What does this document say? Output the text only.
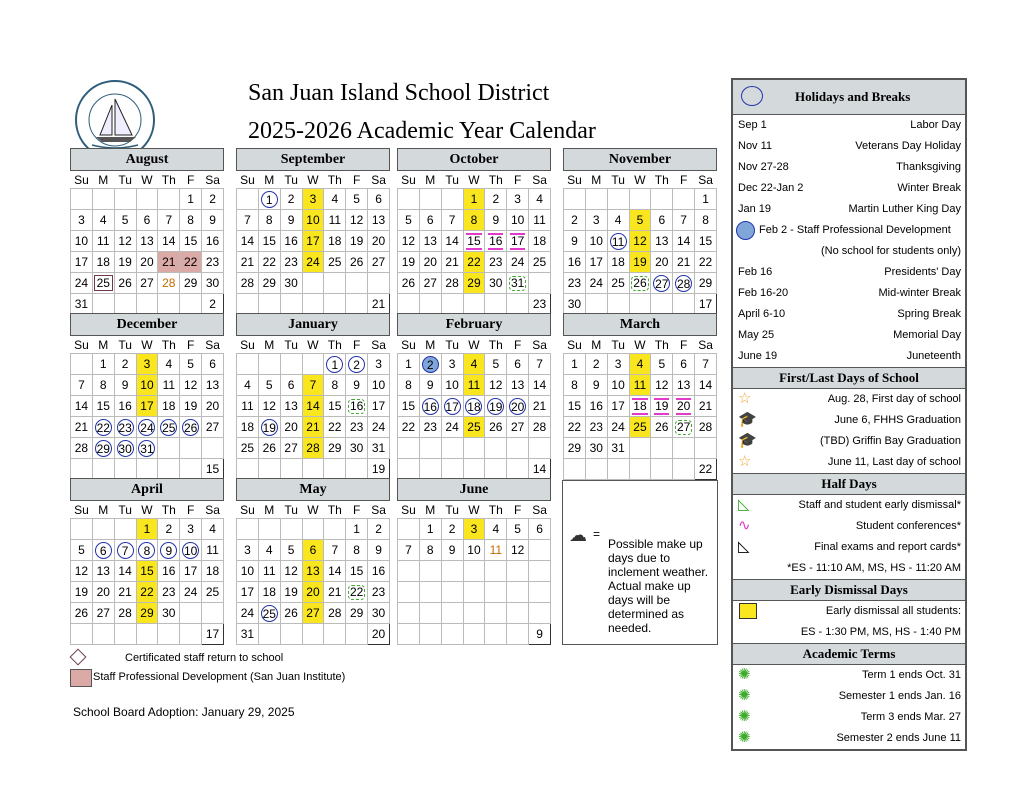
San Juan Island School District
2025-2026 Academic Year Calendar
August
Su	M	Tu	W	Th	F	Sa
					1	2
3	4	5	6	7	8	9
10	11	12	13	14	15	16
17	18	19	20	21	22	23
24	25	26	27	28	29	30
31						2
September
Su	M	Tu	W	Th	F	Sa
	1	2	3	4	5	6
7	8	9	10	11	12	13
14	15	16	17	18	19	20
21	22	23	24	25	26	27
28	29	30				
						21
October
Su	M	Tu	W	Th	F	Sa
			1	2	3	4
5	6	7	8	9	10	11
12	13	14	15	16	17	18
19	20	21	22	23	24	25
26	27	28	29	30	31	
						23
November
Su	M	Tu	W	Th	F	Sa
						1
2	3	4	5	6	7	8
9	10	11	12	13	14	15
16	17	18	19	20	21	22
23	24	25	26	27	28	29
30						17
December
Su	M	Tu	W	Th	F	Sa
	1	2	3	4	5	6
7	8	9	10	11	12	13
14	15	16	17	18	19	20
21	22	23	24	25	26	27
28	29	30	31			
						15
January
Su	M	Tu	W	Th	F	Sa
				1	2	3
4	5	6	7	8	9	10
11	12	13	14	15	16	17
18	19	20	21	22	23	24
25	26	27	28	29	30	31
						19
February
Su	M	Tu	W	Th	F	Sa
1	2	3	4	5	6	7
8	9	10	11	12	13	14
15	16	17	18	19	20	21
22	23	24	25	26	27	28

						14
March
Su	M	Tu	W	Th	F	Sa
1	2	3	4	5	6	7
8	9	10	11	12	13	14
15	16	17	18	19	20	21
22	23	24	25	26	27	28
29	30	31				
						22
April
Su	M	Tu	W	Th	F	Sa
			1	2	3	4
5	6	7	8	9	10	11
12	13	14	15	16	17	18
19	20	21	22	23	24	25
26	27	28	29	30		
						17
May
Su	M	Tu	W	Th	F	Sa
					1	2
3	4	5	6	7	8	9
10	11	12	13	14	15	16
17	18	19	20	21	22	23
24	25	26	27	28	29	30
31						20
June
Su	M	Tu	W	Th	F	Sa
	1	2	3	4	5	6
7	8	9	10	11	12	

						9
☁ =
Possible make up days due to inclement weather. Actual make up days will be determined as needed.
Certificated staff return to school
Staff Professional Development (San Juan Institute)
School Board Adoption: January 29, 2025
Holidays and Breaks
Sep 1	Labor Day
Nov 11	Veterans Day Holiday
Nov 27-28	Thanksgiving
Dec 22-Jan 2	Winter Break
Jan 19	Martin Luther King Day
Feb 2 - Staff Professional Development
(No school for students only)
Feb 16	Presidents' Day
Feb 16-20	Mid-winter Break
April 6-10	Spring Break
May 25	Memorial Day
June 19	Juneteenth
First/Last Days of School
☆	Aug. 28, First day of school
🎓	June 6, FHHS Graduation
🎓	(TBD) Griffin Bay Graduation
☆	June 11, Last day of school
Half Days
◺	Staff and student early dismissal*
∿	Student conferences*
◺	Final exams and report cards*
*ES - 11:10 AM, MS, HS - 11:20 AM
Early Dismissal Days
Early dismissal all students:
ES - 1:30 PM, MS, HS - 1:40 PM
Academic Terms
✺	Term 1 ends Oct. 31
✺	Semester 1 ends Jan. 16
✺	Term 3 ends Mar. 27
✺	Semester 2 ends June 11
